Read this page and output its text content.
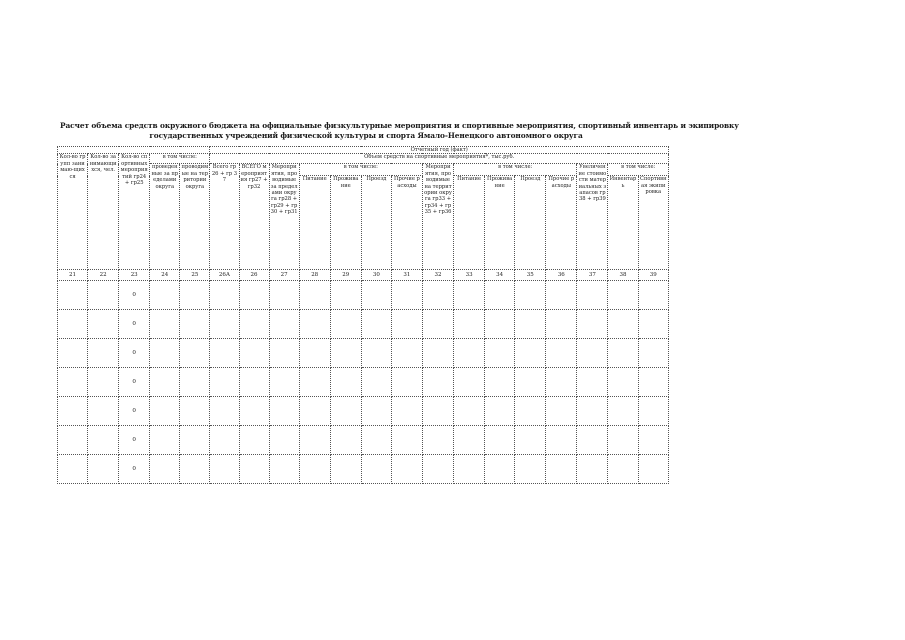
Расчет объема средств окружного бюджета на официальные физкультурные мероприятия и спортивные мероприятия, спортивный инвентарь и экипировку
государственных учреждений физической культуры и спорта Ямало-Ненецкого автономного округа
					Отчетный год (факт)														
Кол-во групп занимаю-щихся	Кол-во занимающихся, чел.	Кол-во спортивных мероприятий гр24 + гр25	в том числе:		Объем средств на спортивные мероприятия*, тыс.руб.														
			проведенные за пределами округа	проводимые на территории округа	Всего гр 26 + гр 37	ВСЕГО мероприятия гр27 + гр32	Мероприятия, проводимые за пределами округа гр28 + гр29 + гр30 + гр31	в том числе:				Мероприятия, проводимые на территории округа гр33 + гр34 + гр35 + гр36	в том числе:				Увеличение стоимости материальных запасов гр 38 + гр39	в том числе:	
								Питание	Проживание	Проезд	Прочие расходы		Питание	Проживание	Проезд	Прочие расходы		Инвентарь	Спортивная экипировка
21	22	23	24	25	26А	26	27	28	29	30	31	32	33	34	35	36	37	38	39
		0																	
		0																	
		0																	
		0																	
		0																	
		0																	
		0																	
